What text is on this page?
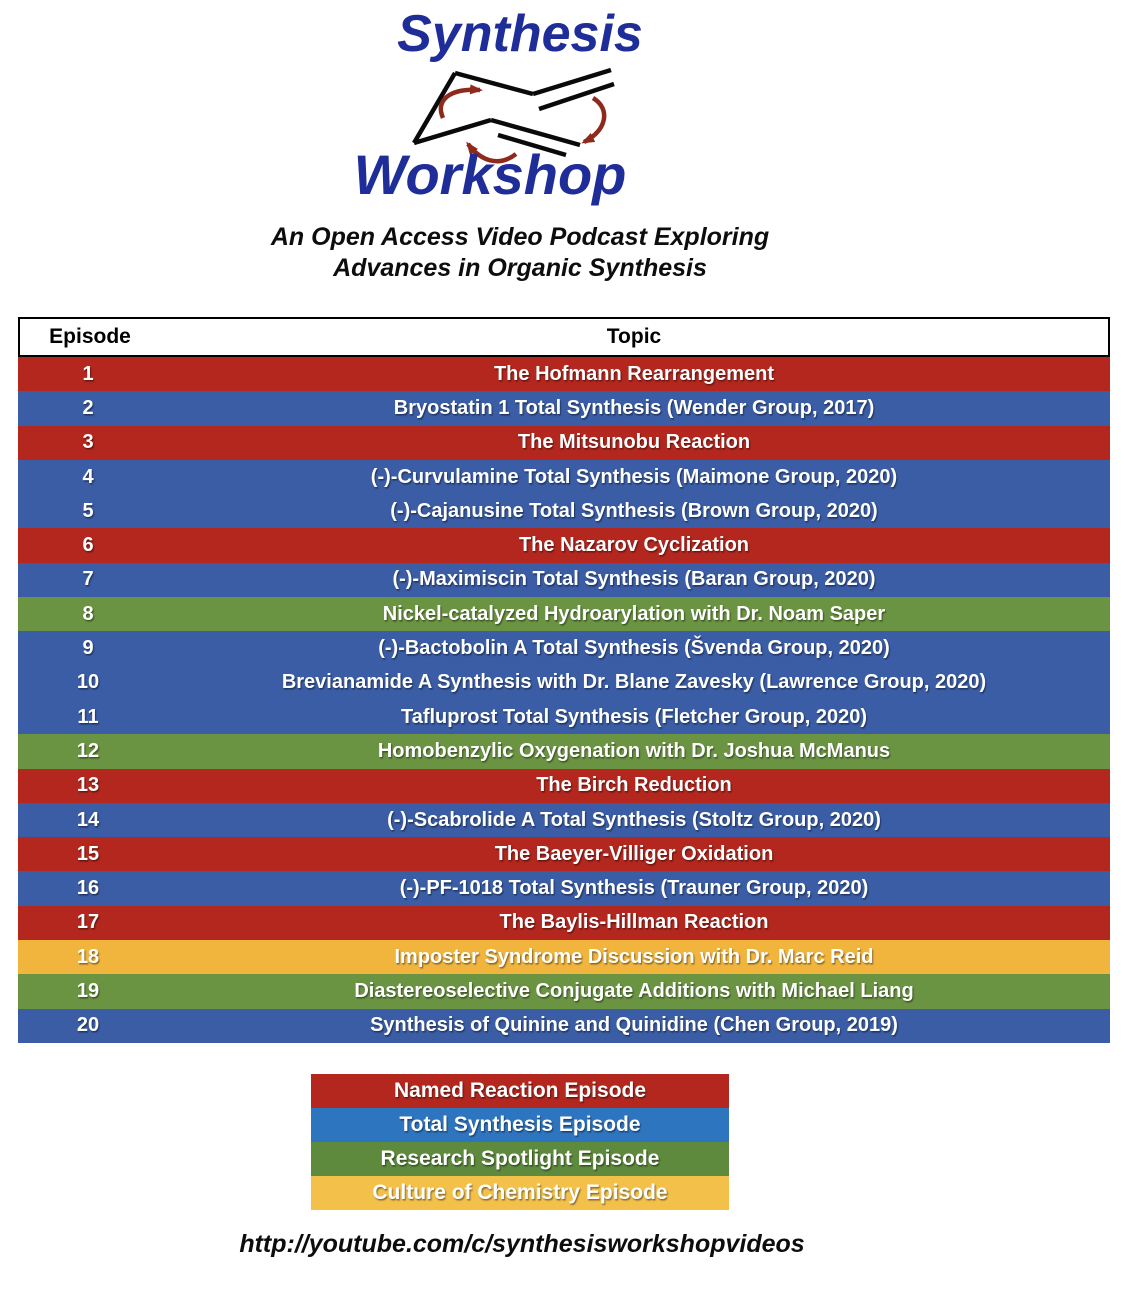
Synthesis
Workshop
An Open Access Video Podcast Exploring
Advances in Organic Synthesis
Episode	Topic
1	The Hofmann Rearrangement
2	Bryostatin 1 Total Synthesis (Wender Group, 2017)
3	The Mitsunobu Reaction
4	(-)-Curvulamine Total Synthesis (Maimone Group, 2020)
5	(-)-Cajanusine Total Synthesis (Brown Group, 2020)
6	The Nazarov Cyclization
7	(-)-Maximiscin Total Synthesis (Baran Group, 2020)
8	Nickel-catalyzed Hydroarylation with Dr. Noam Saper
9	(-)-Bactobolin A Total Synthesis (Švenda Group, 2020)
10	Brevianamide A Synthesis with Dr. Blane Zavesky (Lawrence Group, 2020)
11	Tafluprost Total Synthesis (Fletcher Group, 2020)
12	Homobenzylic Oxygenation with Dr. Joshua McManus
13	The Birch Reduction
14	(-)-Scabrolide A Total Synthesis (Stoltz Group, 2020)
15	The Baeyer-Villiger Oxidation
16	(-)-PF-1018 Total Synthesis (Trauner Group, 2020)
17	The Baylis-Hillman Reaction
18	Imposter Syndrome Discussion with Dr. Marc Reid
19	Diastereoselective Conjugate Additions with Michael Liang
20	Synthesis of Quinine and Quinidine (Chen Group, 2019)
Named Reaction Episode
Total Synthesis Episode
Research Spotlight Episode
Culture of Chemistry Episode
http://youtube.com/c/synthesisworkshopvideos
